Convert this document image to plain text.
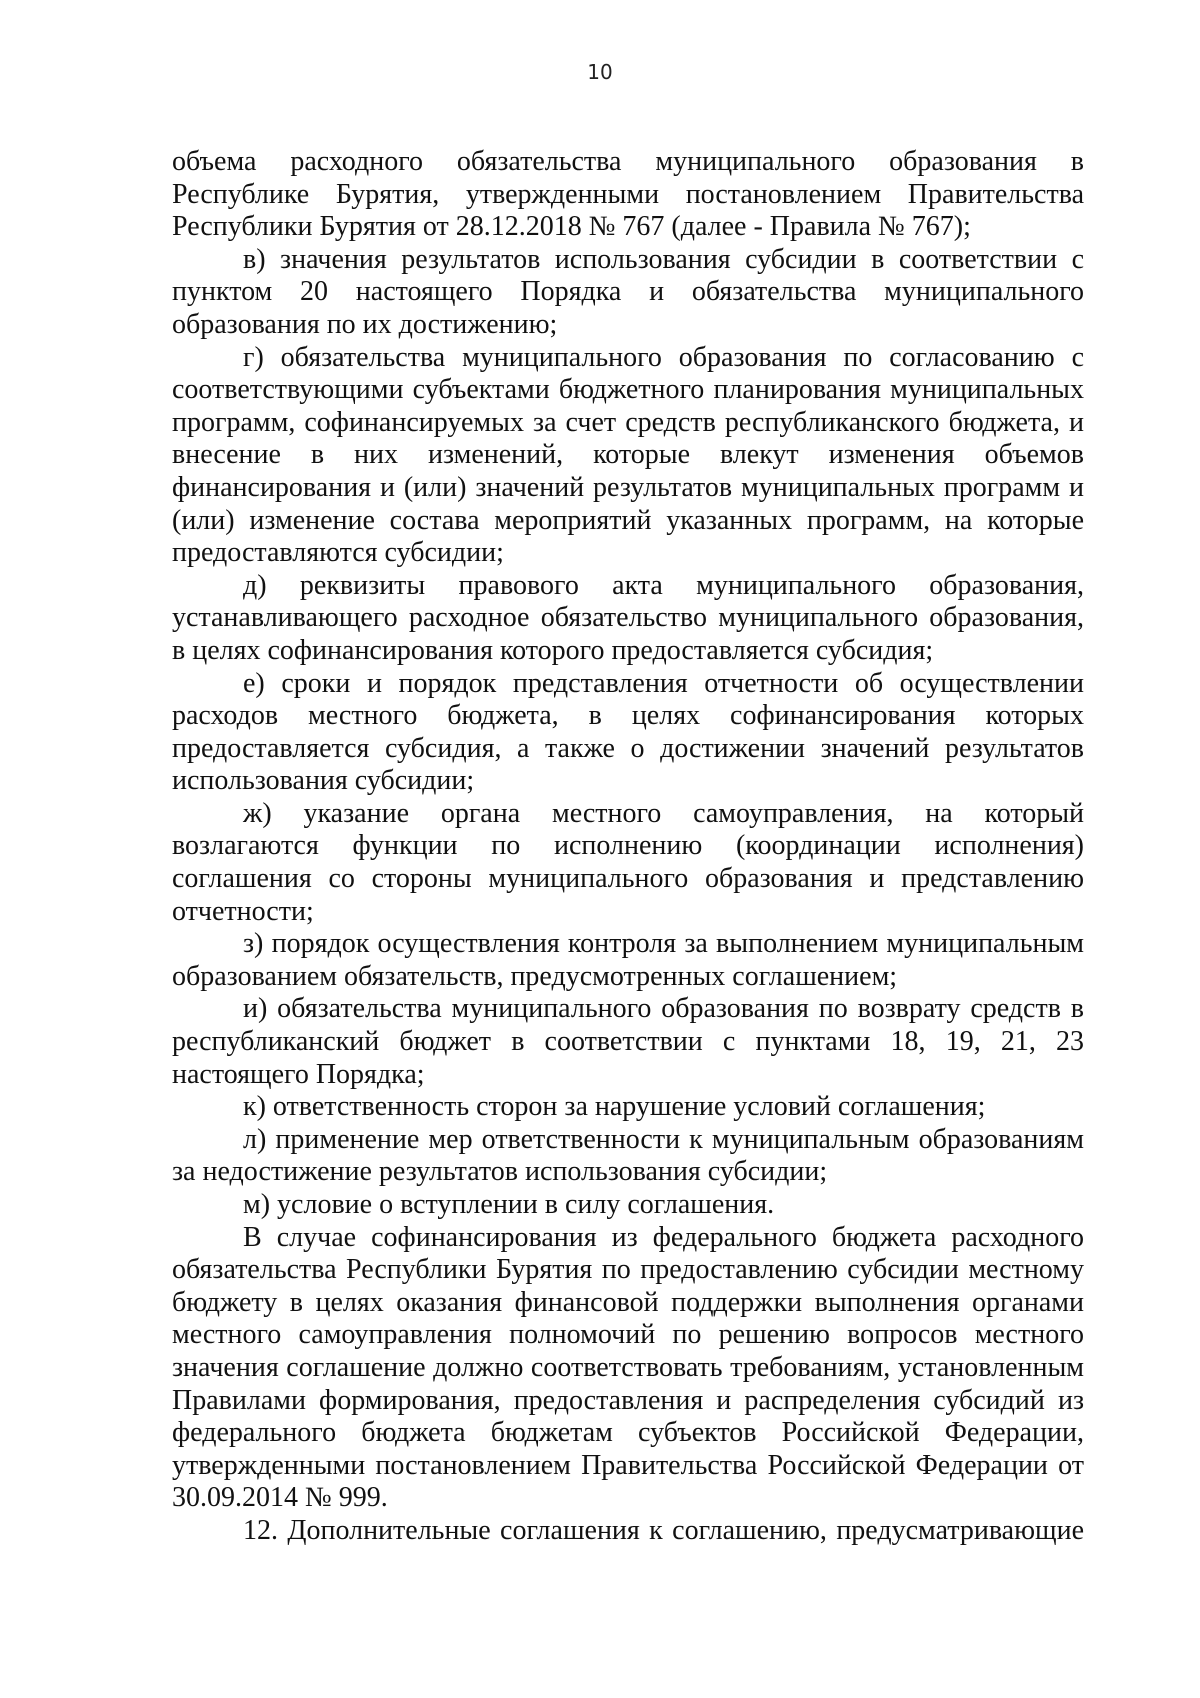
10

объема расходного обязательства муниципального образования в Республике Бурятия, утвержденными постановлением Правительства Республики Бурятия от 28.12.2018 № 767 (далее - Правила № 767);

в) значения результатов использования субсидии в соответствии с пунктом 20 настоящего Порядка и обязательства муниципального образования по их достижению;

г) обязательства муниципального образования по согласованию с соответствующими субъектами бюджетного планирования муниципальных программ, софинансируемых за счет средств республиканского бюджета, и внесение в них изменений, которые влекут изменения объемов финансирования и (или) значений результатов муниципальных программ и (или) изменение состава мероприятий указанных программ, на которые предоставляются субсидии;

д) реквизиты правового акта муниципального образования, устанавливающего расходное обязательство муниципального образования, в целях софинансирования которого предоставляется субсидия;

е) сроки и порядок представления отчетности об осуществлении расходов местного бюджета, в целях софинансирования которых предоставляется субсидия, а также о достижении значений результатов использования субсидии;

ж) указание органа местного самоуправления, на который возлагаются функции по исполнению (координации исполнения) соглашения со стороны муниципального образования и представлению отчетности;

з) порядок осуществления контроля за выполнением муниципальным образованием обязательств, предусмотренных соглашением;

и) обязательства муниципального образования по возврату средств в республиканский бюджет в соответствии с пунктами 18, 19, 21, 23 настоящего Порядка;

к) ответственность сторон за нарушение условий соглашения;

л) применение мер ответственности к муниципальным образованиям за недостижение результатов использования субсидии;

м) условие о вступлении в силу соглашения.

В случае софинансирования из федерального бюджета расходного обязательства Республики Бурятия по предоставлению субсидии местному бюджету в целях оказания финансовой поддержки выполнения органами местного самоуправления полномочий по решению вопросов местного значения соглашение должно соответствовать требованиям, установленным Правилами формирования, предоставления и распределения субсидий из федерального бюджета бюджетам субъектов Российской Федерации, утвержденными постановлением Правительства Российской Федерации от 30.09.2014 № 999.

12. Дополнительные соглашения к соглашению, предусматривающие
